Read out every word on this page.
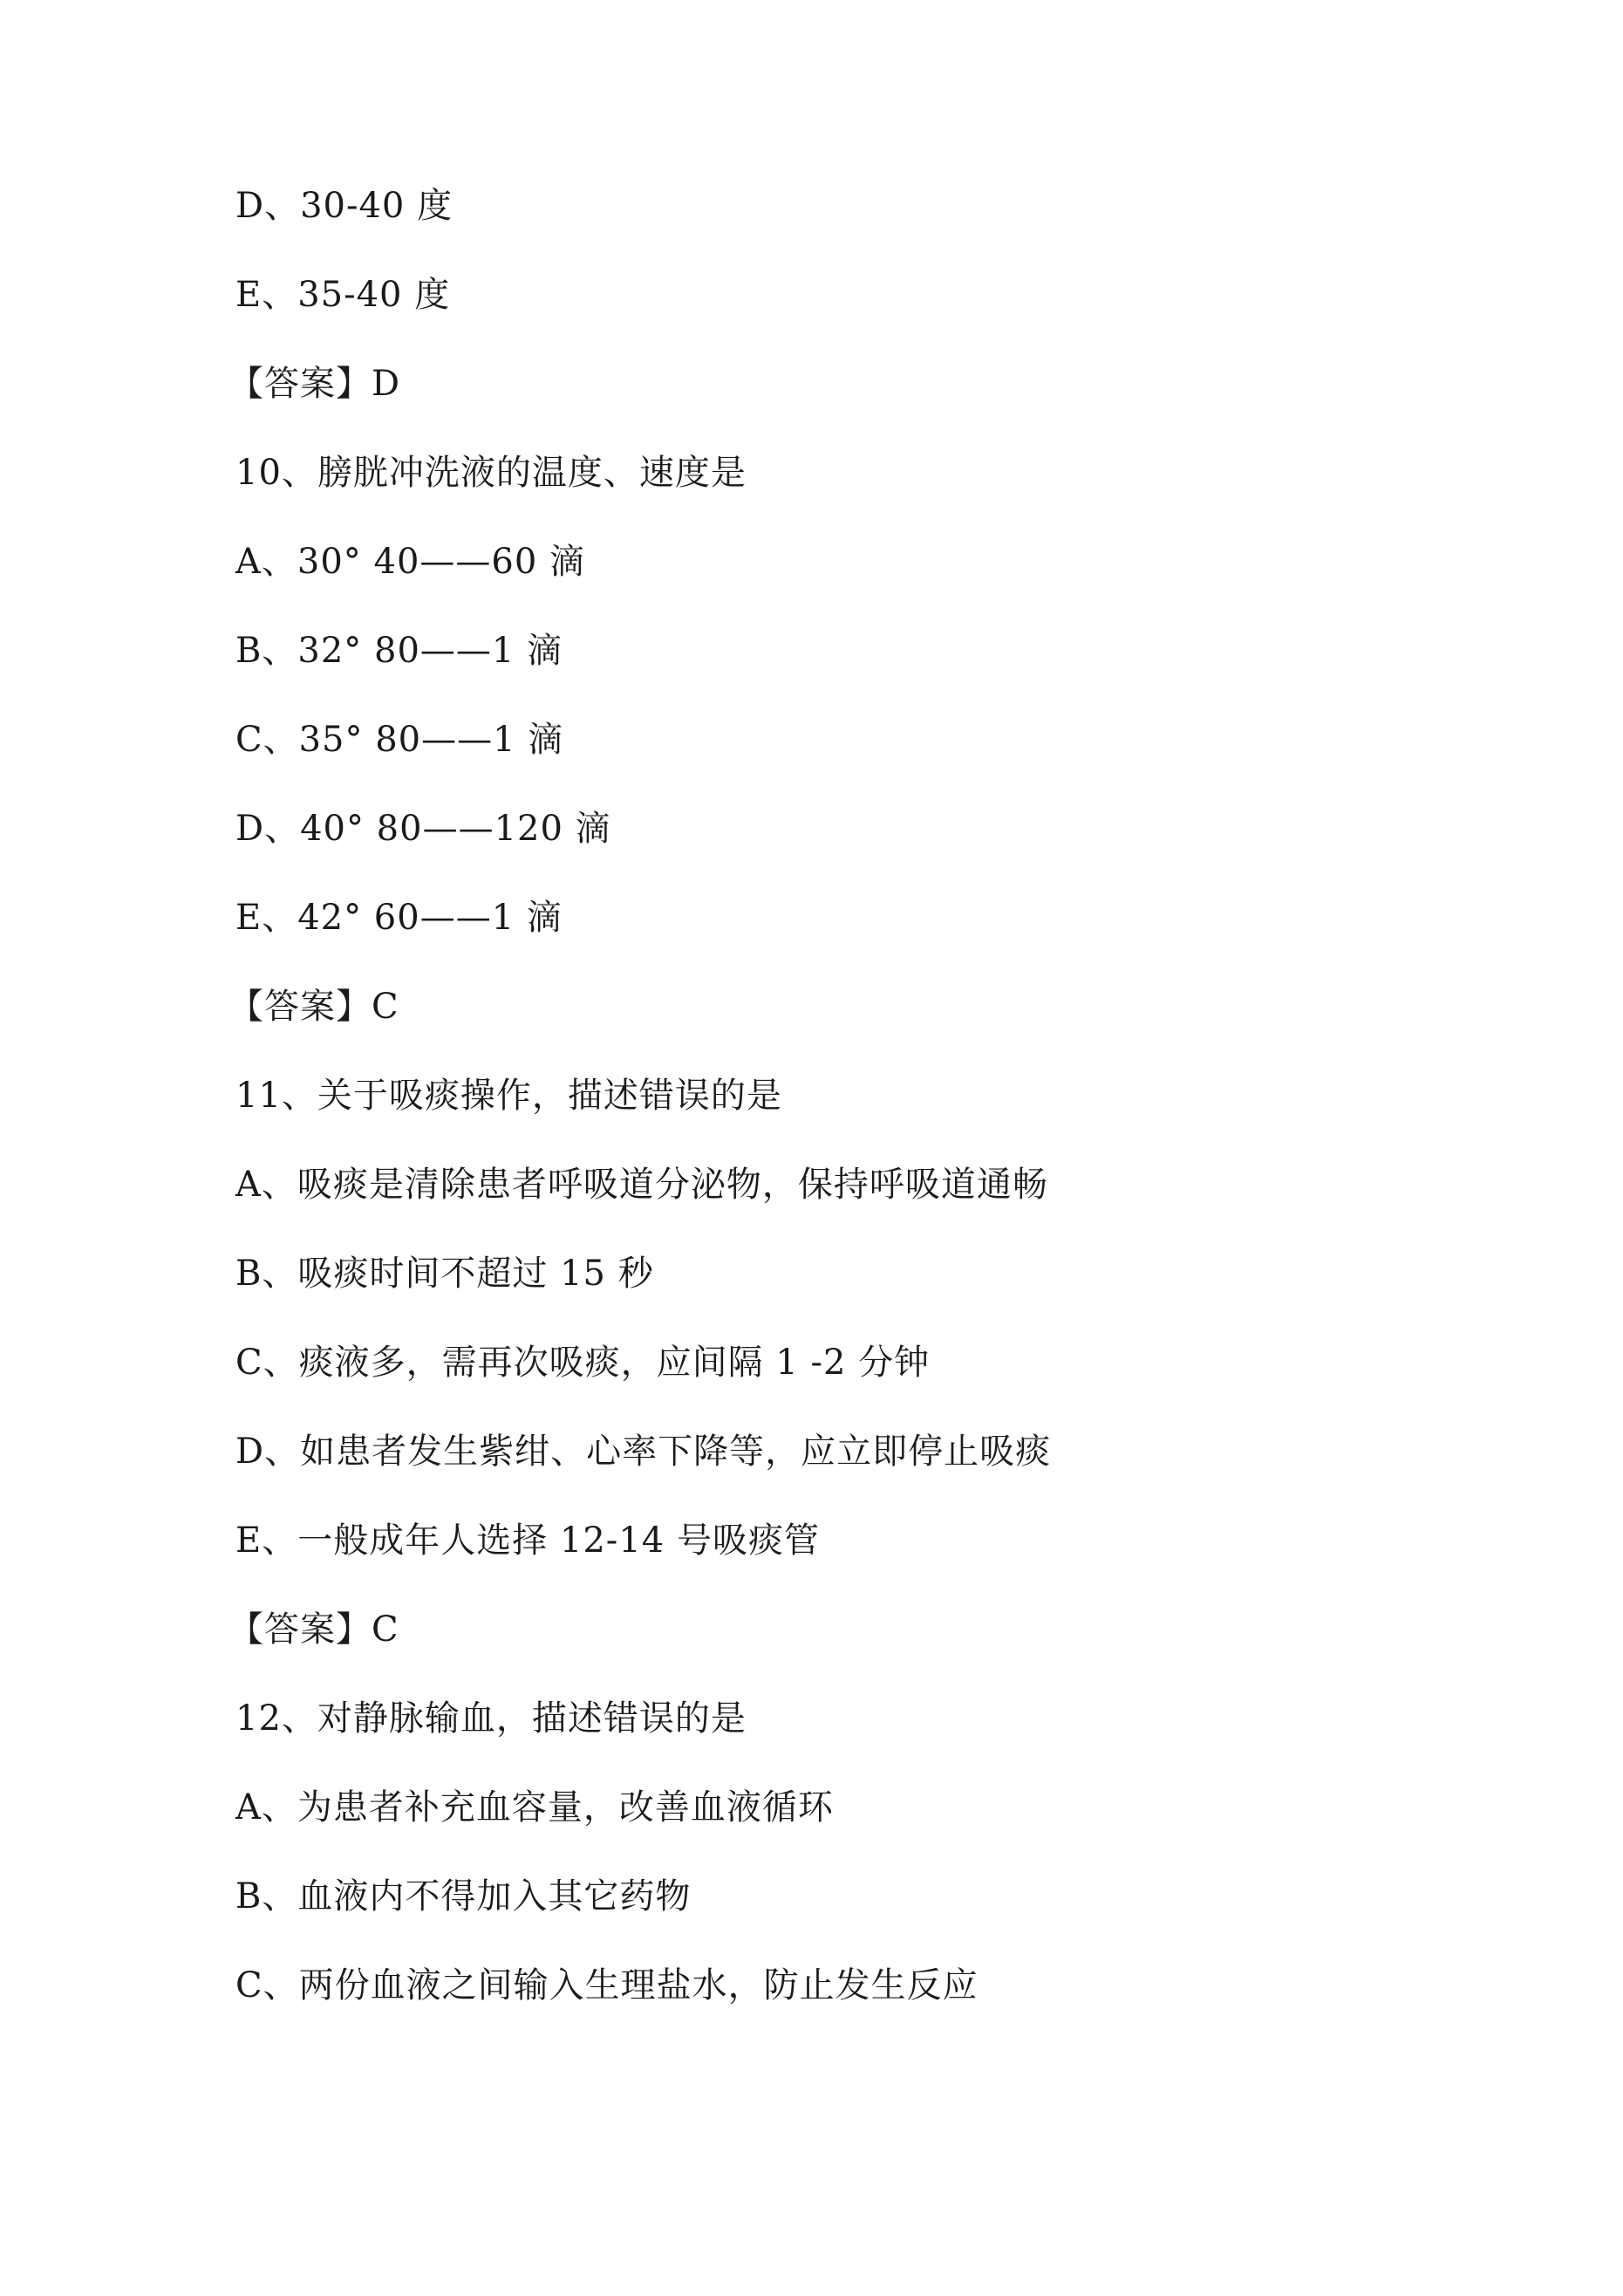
D、30-40 度
E、35-40 度
【答案】D
10、膀胱冲洗液的温度、速度是
A、30° 40——60 滴
B、32° 80——1 滴
C、35° 80——1 滴
D、40° 80——120 滴
E、42° 60——1 滴
【答案】C
11、关于吸痰操作，描述错误的是
A、吸痰是清除患者呼吸道分泌物，保持呼吸道通畅
B、吸痰时间不超过 15 秒
C、痰液多，需再次吸痰，应间隔 1 -2 分钟
D、如患者发生紫绀、心率下降等，应立即停止吸痰
E、一般成年人选择 12-14 号吸痰管
【答案】C
12、对静脉输血，描述错误的是
A、为患者补充血容量，改善血液循环
B、血液内不得加入其它药物
C、两份血液之间输入生理盐水，防止发生反应
